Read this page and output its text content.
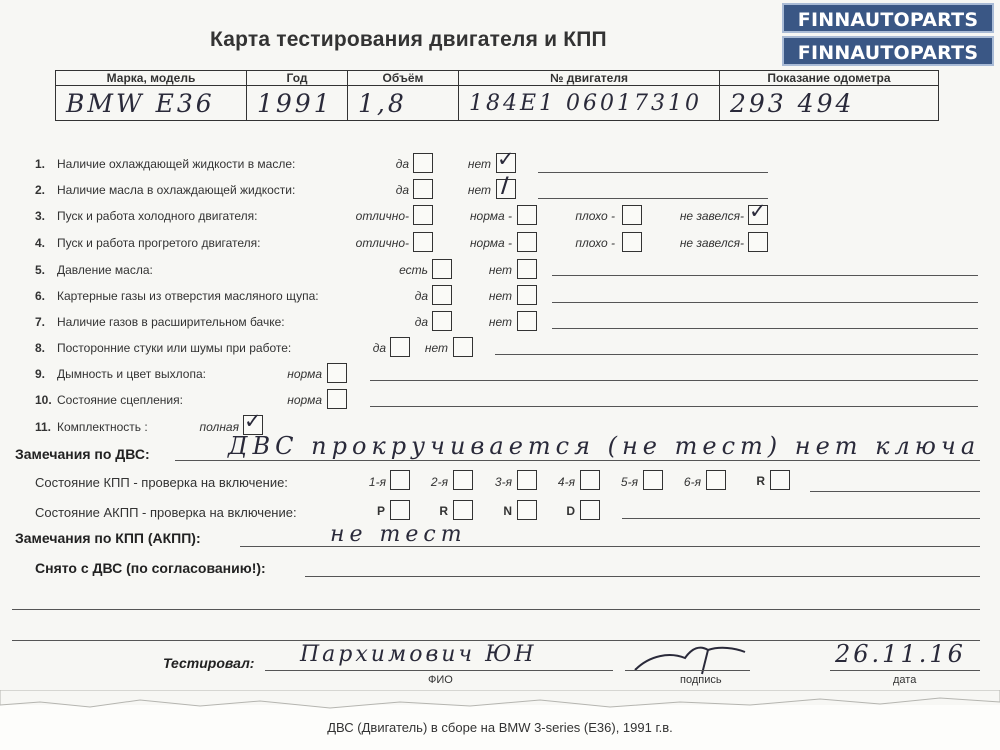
Карта тестирования двигателя и КПП
FINNAUTOPARTS
FINNAUTOPARTS
Марка, модель	Год	Объём	№ двигателя	Показание одометра
BMW E36	1991	1,8	184E1 06017310	293 494
1. Наличие охлаждающей жидкости в масле:	да	нет ✓
2. Наличие масла в охлаждающей жидкости:	да	нет /
3. Пуск и работа холодного двигателя:	отлично-	норма -	плохо -	не завелся- ✓
4. Пуск и работа прогретого двигателя:	отлично-	норма -	плохо -	не завелся-
5. Давление масла:	есть	нет
6. Картерные газы из отверстия масляного щупа:	да	нет
7. Наличие газов в расширительном бачке:	да	нет
8. Посторонние стуки или шумы при работе:	да	нет
9. Дымность и цвет выхлопа:	норма
10. Состояние сцепления:	норма
11. Комплектность :	полная ✓
Замечания по ДВС:	ДВС прокручивается (не тест) нет ключа
Состояние КПП - проверка на включение:	1-я	2-я	3-я	4-я	5-я	6-я	R
Состояние АКПП - проверка на включение:	P	R	N	D
Замечания по КПП (АКПП):	не тест
Снято с ДВС (по согласованию!):
Тестировал: Пархимович ЮН	26.11.16
ФИО	подпись	дата
ДВС (Двигатель) в сборе на BMW 3-series (E36), 1991 г.в.
